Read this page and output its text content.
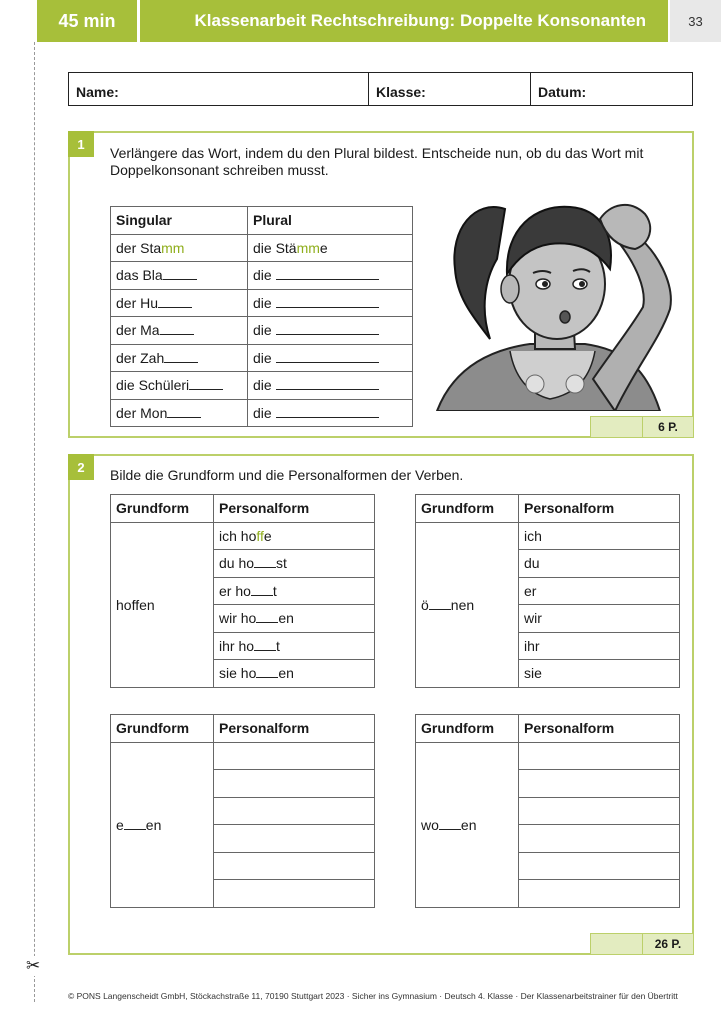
45 min	Klassenarbeit Rechtschreibung: Doppelte Konsonanten	33
✂
Name:	Klasse:	Datum:
1
Verlängere das Wort, indem du den Plural bildest. Entscheide nun, ob du das Wort mit Doppelkonsonant schreiben musst.
Singular	Plural
der Stamm	die Stämme
das Bla	die
der Hu	die
der Ma	die
der Zah	die
die Schüleri	die
der Mon	die
6 P.
2	Bilde die Grundform und die Personalformen der Verben.
Grundform	Personalform
hoffen	ich hoffe
	du ho st
	er ho t
	wir ho en
	ihr ho t
	sie ho en
Grundform	Personalform
ö nen	ich
	du
	er
	wir
	ihr
	sie
Grundform	Personalform
e en	

Grundform	Personalform
wo en	

26 P.
© PONS Langenscheidt GmbH, Stöckachstraße 11, 70190 Stuttgart 2023 · Sicher ins Gymnasium · Deutsch 4. Klasse · Der Klassenarbeitstrainer für den Übertritt
